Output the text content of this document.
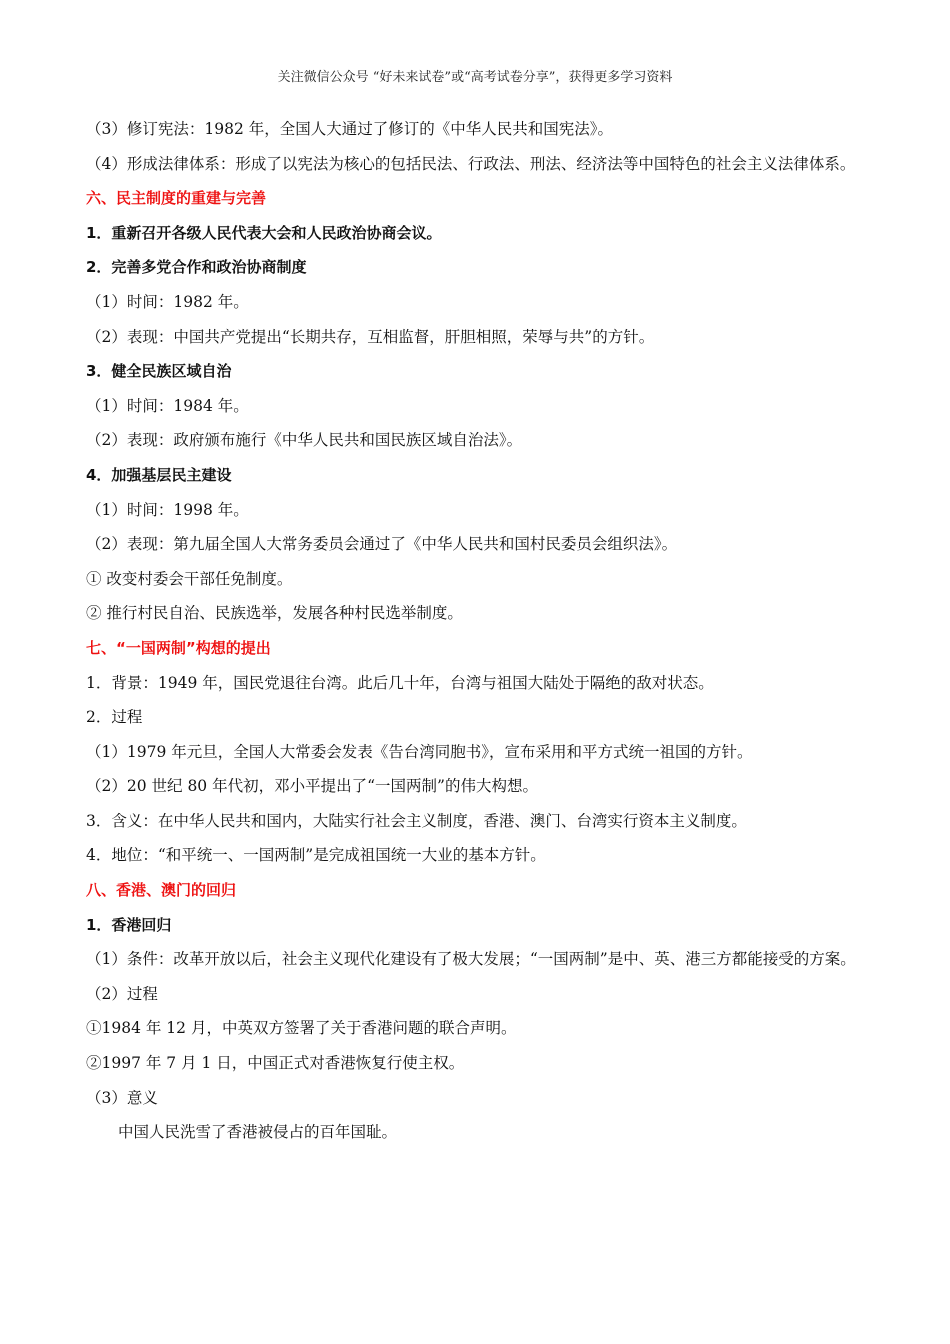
关注微信公众号 “好未来试卷”或“高考试卷分享”，获得更多学习资料
（3）修订宪法：1982 年，全国人大通过了修订的《中华人民共和国宪法》。
（4）形成法律体系：形成了以宪法为核心的包括民法、行政法、刑法、经济法等中国特色的社会主义法律体系。
六、民主制度的重建与完善
1．重新召开各级人民代表大会和人民政治协商会议。
2．完善多党合作和政治协商制度
（1）时间：1982 年。
（2）表现：中国共产党提出“长期共存，互相监督，肝胆相照，荣辱与共”的方针。
3．健全民族区域自治
（1）时间：1984 年。
（2）表现：政府颁布施行《中华人民共和国民族区域自治法》。
4．加强基层民主建设
（1）时间：1998 年。
（2）表现：第九届全国人大常务委员会通过了《中华人民共和国村民委员会组织法》。
① 改变村委会干部任免制度。
② 推行村民自治、民族选举，发展各种村民选举制度。
七、“一国两制”构想的提出
1．背景：1949 年，国民党退往台湾。此后几十年，台湾与祖国大陆处于隔绝的敌对状态。
2．过程
（1）1979 年元旦，全国人大常委会发表《告台湾同胞书》，宣布采用和平方式统一祖国的方针。
（2）20 世纪 80 年代初，邓小平提出了“一国两制”的伟大构想。
3．含义：在中华人民共和国内，大陆实行社会主义制度，香港、澳门、台湾实行资本主义制度。
4．地位：“和平统一、一国两制”是完成祖国统一大业的基本方针。
八、香港、澳门的回归
1．香港回归
（1）条件：改革开放以后，社会主义现代化建设有了极大发展；“一国两制”是中、英、港三方都能接受的方案。
（2）过程
①1984 年 12 月，中英双方签署了关于香港问题的联合声明。
②1997 年 7 月 1 日，中国正式对香港恢复行使主权。
（3）意义
中国人民洗雪了香港被侵占的百年国耻。
